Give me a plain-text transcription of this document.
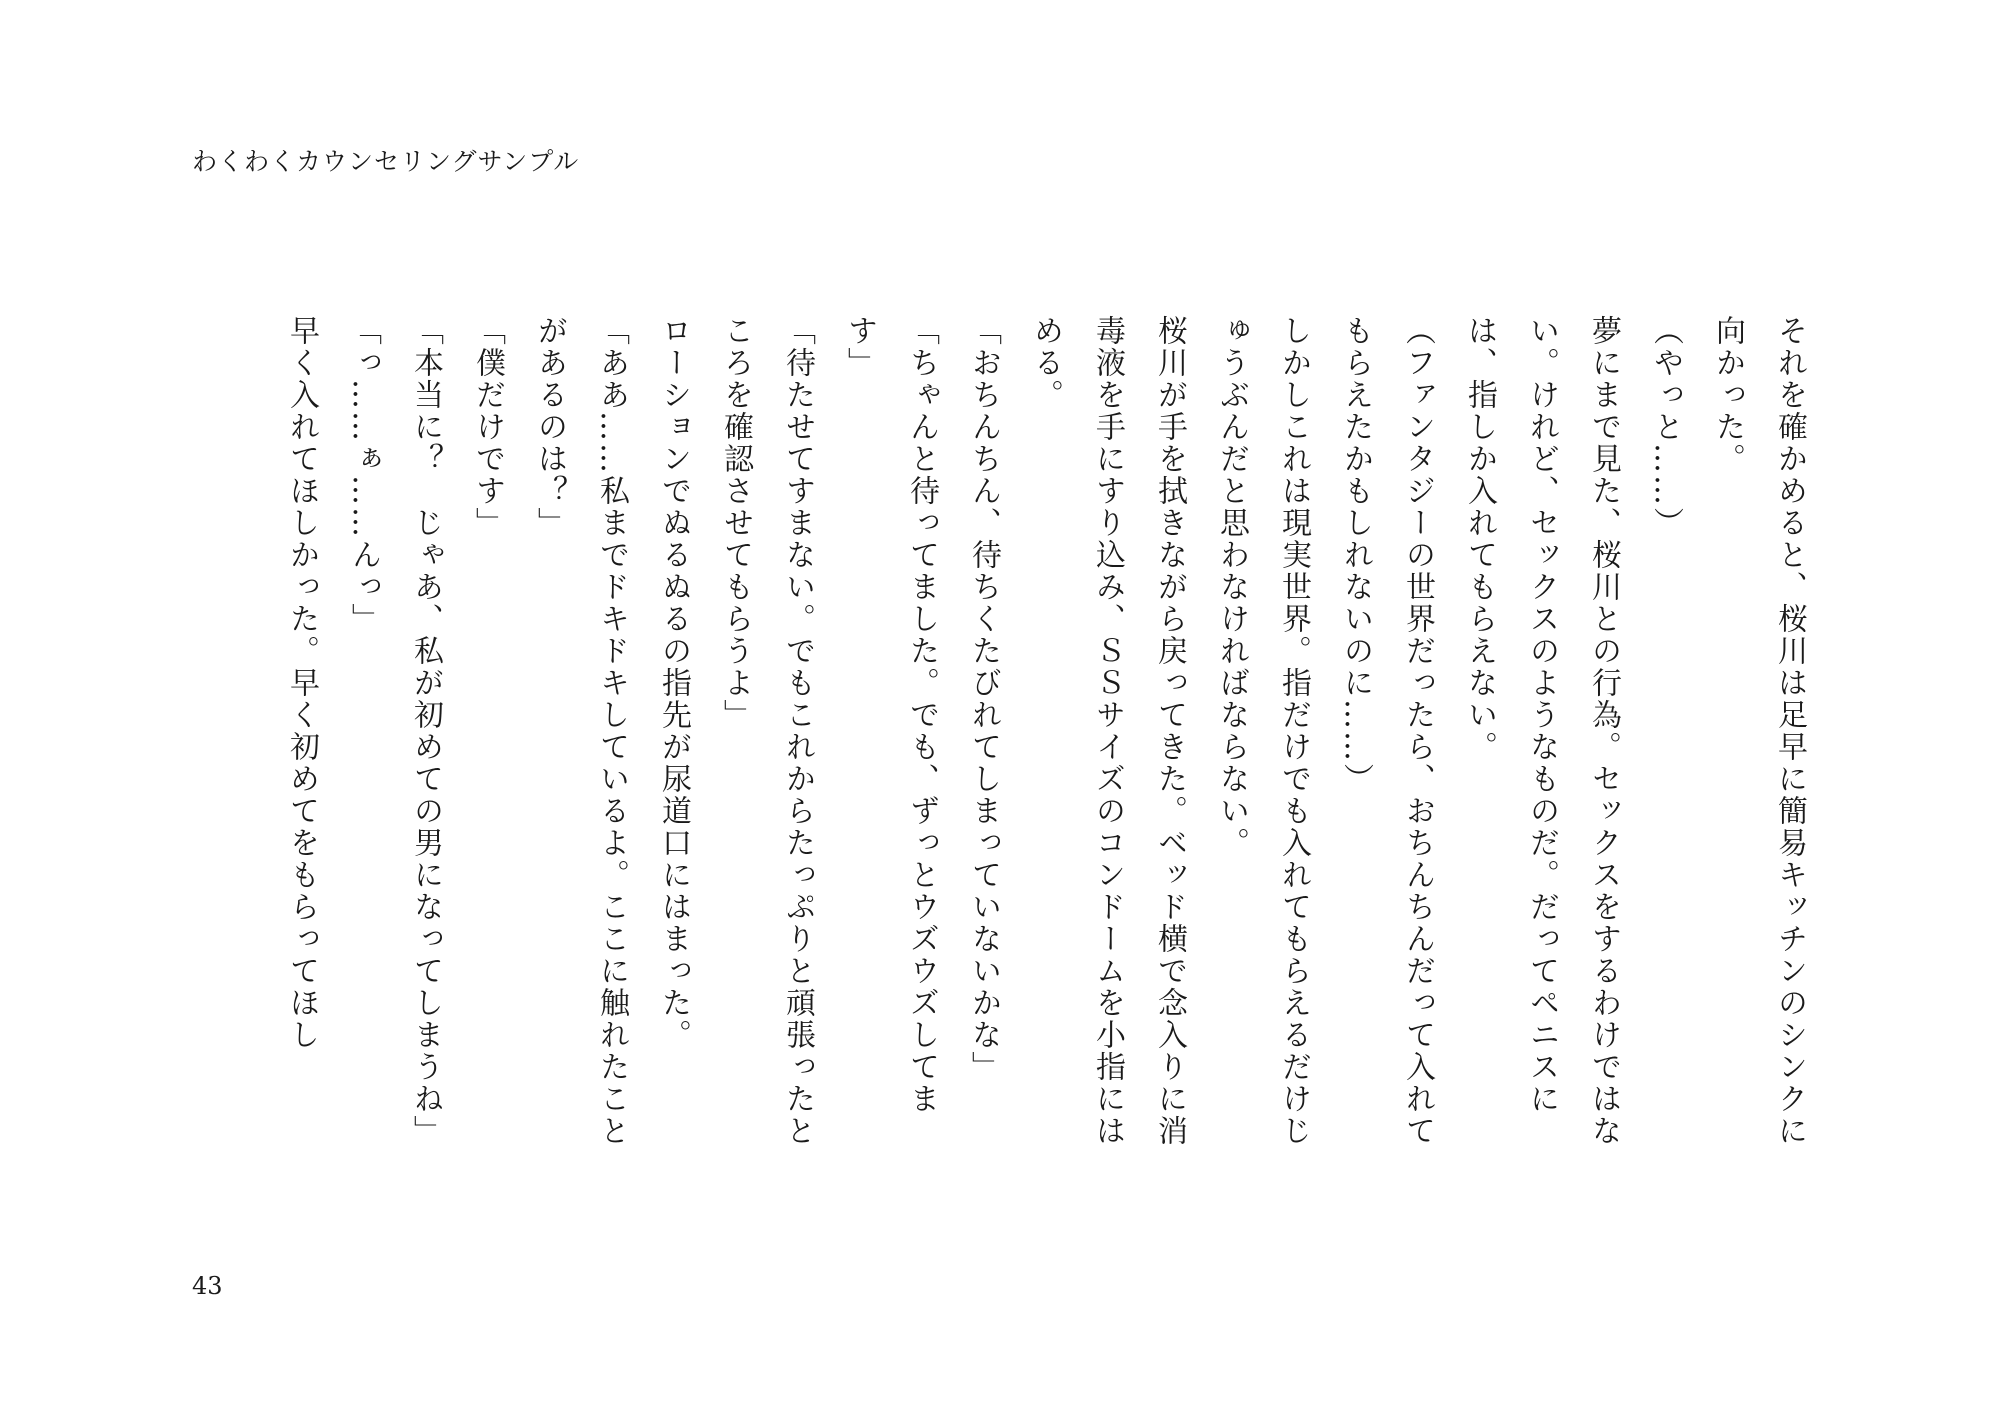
わくわくカウンセリングサンプル

それを確かめると、桜川は足早に簡易キッチンのシンクに向かった。

（やっと……）

夢にまで見た、桜川との行為。セックスをするわけではない。けれど、セックスのようなものだ。だってペニスには、指しか入れてもらえない。

（ファンタジーの世界だったら、おちんちんだって入れてもらえたかもしれないのに……）

しかしこれは現実世界。指だけでも入れてもらえるだけじゅうぶんだと思わなければならない。

桜川が手を拭きながら戻ってきた。ベッド横で念入りに消毒液を手にすり込み、ＳＳサイズのコンドームを小指にはめる。

「おちんちん、待ちくたびれてしまっていないかな」

「ちゃんと待ってました。でも、ずっとウズウズしてます」

「待たせてすまない。でもこれからたっぷりと頑張ったところを確認させてもらうよ」

ローションでぬるぬるの指先が尿道口にはまった。

「ああ……私までドキドキしているよ。ここに触れたことがあるのは？」

「僕だけです」

「本当に？　じゃあ、私が初めての男になってしまうね」

「っ……ぁ……んっ」

早く入れてほしかった。早く初めてをもらってほし

43
